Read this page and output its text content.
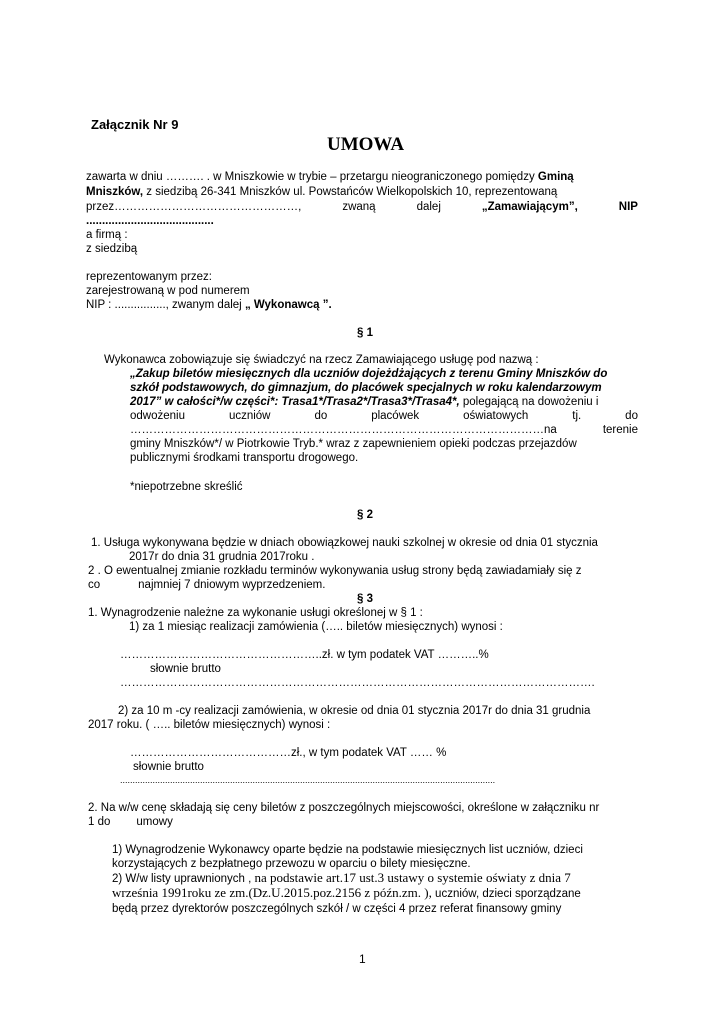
Załącznik Nr 9
UMOWA
zawarta w dniu ………. . w Mniszkowie w trybie – przetargu nieograniczonego pomiędzy Gminą
Mniszków, z siedzibą 26-341 Mniszków ul. Powstańców Wielkopolskich 10, reprezentowaną
przez…………………………………………,	zwaną	dalej	„Zamawiającym”,	NIP
........................................
a firmą :
z siedzibą
reprezentowanym przez:
zarejestrowaną w pod numerem
NIP : ................, zwanym dalej „ Wykonawcą ”.
§ 1
Wykonawca zobowiązuje się świadczyć na rzecz Zamawiającego usługę pod nazwą :
„Zakup biletów miesięcznych dla uczniów dojeżdżających z terenu Gminy Mniszków do
szkół podstawowych, do gimnazjum, do placówek specjalnych w roku kalendarzowym
2017” w całości*/w części*: Trasa1*/Trasa2*/Trasa3*/Trasa4*, polegającą na dowożeniu i
odwożeniu	uczniów	do	placówek	oświatowych	tj.	do
………………………………………………………………………………………………na	terenie
gminy Mniszków*/ w Piotrkowie Tryb.* wraz z zapewnieniem opieki podczas przejazdów
publicznymi środkami transportu drogowego.
*niepotrzebne skreślić
§ 2
1. Usługa wykonywana będzie w dniach obowiązkowej nauki szkolnej w okresie od dnia 01 stycznia
2017r do dnia 31 grudnia 2017roku .
2 . O ewentualnej zmianie rozkładu terminów wykonywania usług strony będą zawiadamiały się z
co	najmniej 7 dniowym wyprzedzeniem.
§ 3
1. Wynagrodzenie należne za wykonanie usługi określonej w § 1 :
1) za 1 miesiąc realizacji zamówienia (….. biletów miesięcznych) wynosi :
……………………………………………..zł. w tym podatek VAT ………..%
słownie brutto
…………………………………………………………………………………………………………….
2) za 10 m -cy realizacji zamówienia, w okresie od dnia 01 stycznia 2017r do dnia 31 grudnia
2017 roku. ( ….. biletów miesięcznych) wynosi :
……………………………………zł., w tym podatek VAT …… %
słownie brutto
......................................................................................................................................................
2. Na w/w cenę składają się ceny biletów z poszczególnych miejscowości, określone w załączniku nr
1 do umowy
1) Wynagrodzenie Wykonawcy oparte będzie na podstawie miesięcznych list uczniów, dzieci
korzystających z bezpłatnego przewozu w oparciu o bilety miesięczne.
2) W/w listy uprawnionych , na podstawie art.17 ust.3 ustawy o systemie oświaty z dnia 7
września 1991roku ze zm.(Dz.U.2015.poz.2156 z późn.zm. ), uczniów, dzieci sporządzane
będą przez dyrektorów poszczególnych szkół / w części 4 przez referat finansowy gminy
1
